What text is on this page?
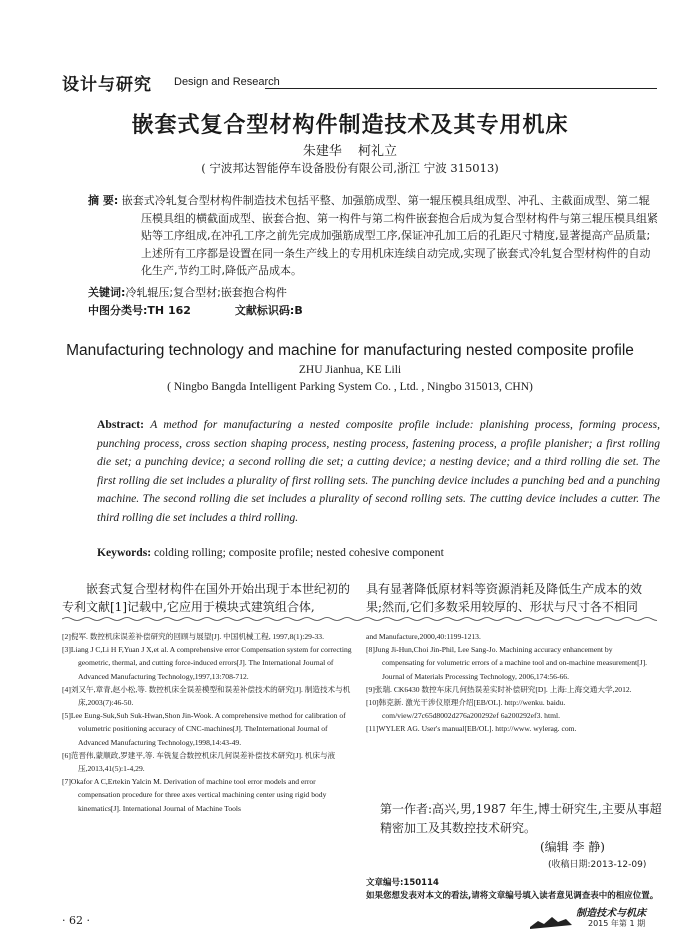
设计与研究 Design and Research
嵌套式复合型材构件制造技术及其专用机床
朱建华 柯礼立
( 宁波邦达智能停车设备股份有限公司,浙江 宁波 315013)

摘 要: 嵌套式冷轧复合型材构件制造技术包括平整、加强筋成型、第一辊压模具组成型、冲孔、主截面成型、第二辊压模具组的横截面成型、嵌套合抱、第一构件与第二构件嵌套抱合后成为复合型材构件与第三辊压模具组紧贴等工序组成,在冲孔工序之前先完成加强筋成型工序,保证冲孔加工后的孔距尺寸精度,显著提高产品质量;上述所有工序都是设置在同一条生产线上的专用机床连续自动完成,实现了嵌套式冷轧复合型材构件的自动化生产,节约工时,降低产品成本。

关键词:冷轧辊压;复合型材;嵌套抱合构件
中图分类号:TH 162	文献标识码:B
Manufacturing technology and machine for manufacturing nested composite profile
ZHU Jianhua, KE Lili
( Ningbo Bangda Intelligent Parking System Co. , Ltd. , Ningbo 315013, CHN)
Abstract: A method for manufacturing a nested composite profile include: planishing process, forming process, punching process, cross section shaping process, nesting process, fastening process, a profile planisher; a first rolling die set; a punching device; a second rolling die set; a cutting device; a nesting device; and a third rolling die set. The first rolling die set includes a plurality of first rolling sets. The punching device includes a punching bed and a punching machine. The second rolling die set includes a plurality of second rolling sets. The cutting device includes a cutter. The third rolling die set includes a third rolling.
Keywords: colding rolling; composite profile; nested cohesive component
嵌套式复合型材构件在国外开始出现于本世纪初的专利文献[1]记载中,它应用于模块式建筑组合体,
具有显著降低原材料等资源消耗及降低生产成本的效果;然而,它们多数采用较厚的、形状与尺寸各不相同
[2]倪军. 数控机床误差补偿研究的回顾与展望[J]. 中国机械工程, 1997,8(1):29-33.
[3]Liang J C,Li H F,Yuan J X,et al. A comprehensive error Compensation system for correcting geometric, thermal, and cutting force-induced errors[J]. The International Journal of Advanced Manufacturing Technology,1997,13:708-712.
[4]刘又午,章青,赵小松,等. 数控机床全误差模型和误差补偿技术的研究[J]. 制造技术与机床,2003(7):46-50.
[5]Lee Eung-Suk,Suh Suk-Hwan,Shon Jin-Wook. A comprehensive method for calibration of volumetric positioning accuracy of CNC-machines[J]. TheInternational Journal of Advanced Manufacturing Technology,1998,14:43-49.
[6]范晋伟,蒙顺政,罗建平,等. 车铣复合数控机床几何误差补偿技术研究[J]. 机床与液压,2013,41(5):1-4,29.
[7]Okafor A C,Ertekin Yalcin M. Derivation of machine tool error models and error compensation procedure for three axes vertical machining center using rigid body kinematics[J]. International Journal of Machine Tools
and Manufacture,2000,40:1199-1213.
[8]Jung Ji-Hun,Choi Jin-Phil, Lee Sang-Jo. Machining accuracy enhancement by compensating for volumetric errors of a machine tool and on-machine measurement[J]. Journal of Materials Processing Technology, 2006,174:56-66.
[9]张瑞. CK6430 数控车床几何热误差实时补偿研究[D]. 上海:上海交通大学,2012.
[10]韩克新. 激光干涉仪原理介绍[EB/OL]. http://wenku. baidu. com/view/27c65d8002d276a200292ef 6a200292ef3. html.
[11]WYLER AG. User's manual[EB/OL]. http://www. wylerag. com.
第一作者:高兴,男,1987 年生,博士研究生,主要从事超精密加工及其数控技术研究。
(编辑 李 静)
(收稿日期:2013-12-09)
文章编号:150114
如果您想发表对本文的看法,请将文章编号填入读者意见调查表中的相应位置。
· 62 ·
制造技术与机床
2015 年第 1 期
